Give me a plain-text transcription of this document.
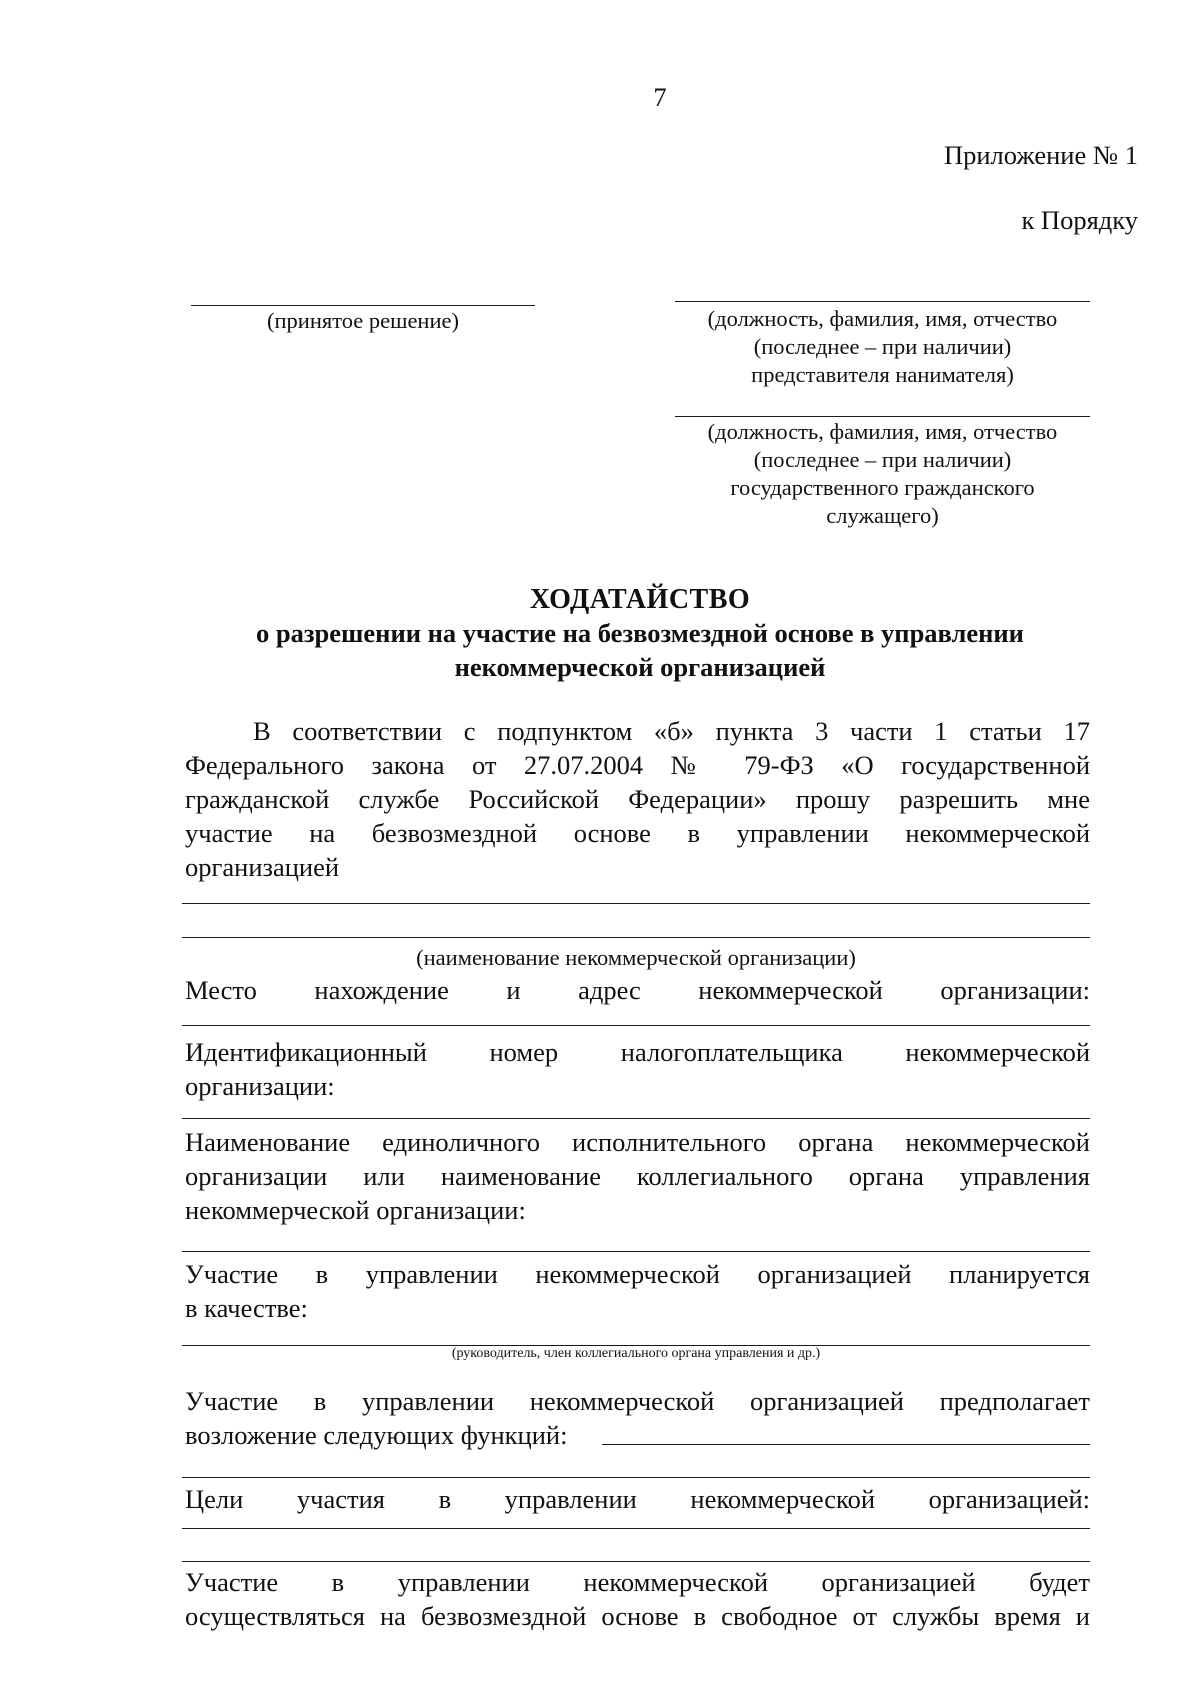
7
Приложение № 1
к Порядку
(принятое решение)	(должность, фамилия, имя, отчество
(последнее – при наличии)
представителя нанимателя)
(должность, фамилия, имя, отчество
(последнее – при наличии)
государственного гражданского
служащего)
ХОДАТАЙСТВО
о разрешении на участие на безвозмездной основе в управлении
некоммерческой организацией
В соответствии с подпунктом «б» пункта 3 части 1 статьи 17
Федерального закона от 27.07.2004 № 79-ФЗ «О государственной
гражданской службе Российской Федерации» прошу разрешить мне
участие на безвозмездной основе в управлении некоммерческой
организацией
(наименование некоммерческой организации)
Место нахождение и адрес некоммерческой организации:
Идентификационный номер налогоплательщика некоммерческой
организации:
Наименование единоличного исполнительного органа некоммерческой
организации или наименование коллегиального органа управления
некоммерческой организации:
Участие в управлении некоммерческой организацией планируется
в качестве:
(руководитель, член коллегиального органа управления и др.)
Участие в управлении некоммерческой организацией предполагает
возложение следующих функций:
Цели участия в управлении некоммерческой организацией:
Участие в управлении некоммерческой организацией будет
осуществляться на безвозмездной основе в свободное от службы время и
